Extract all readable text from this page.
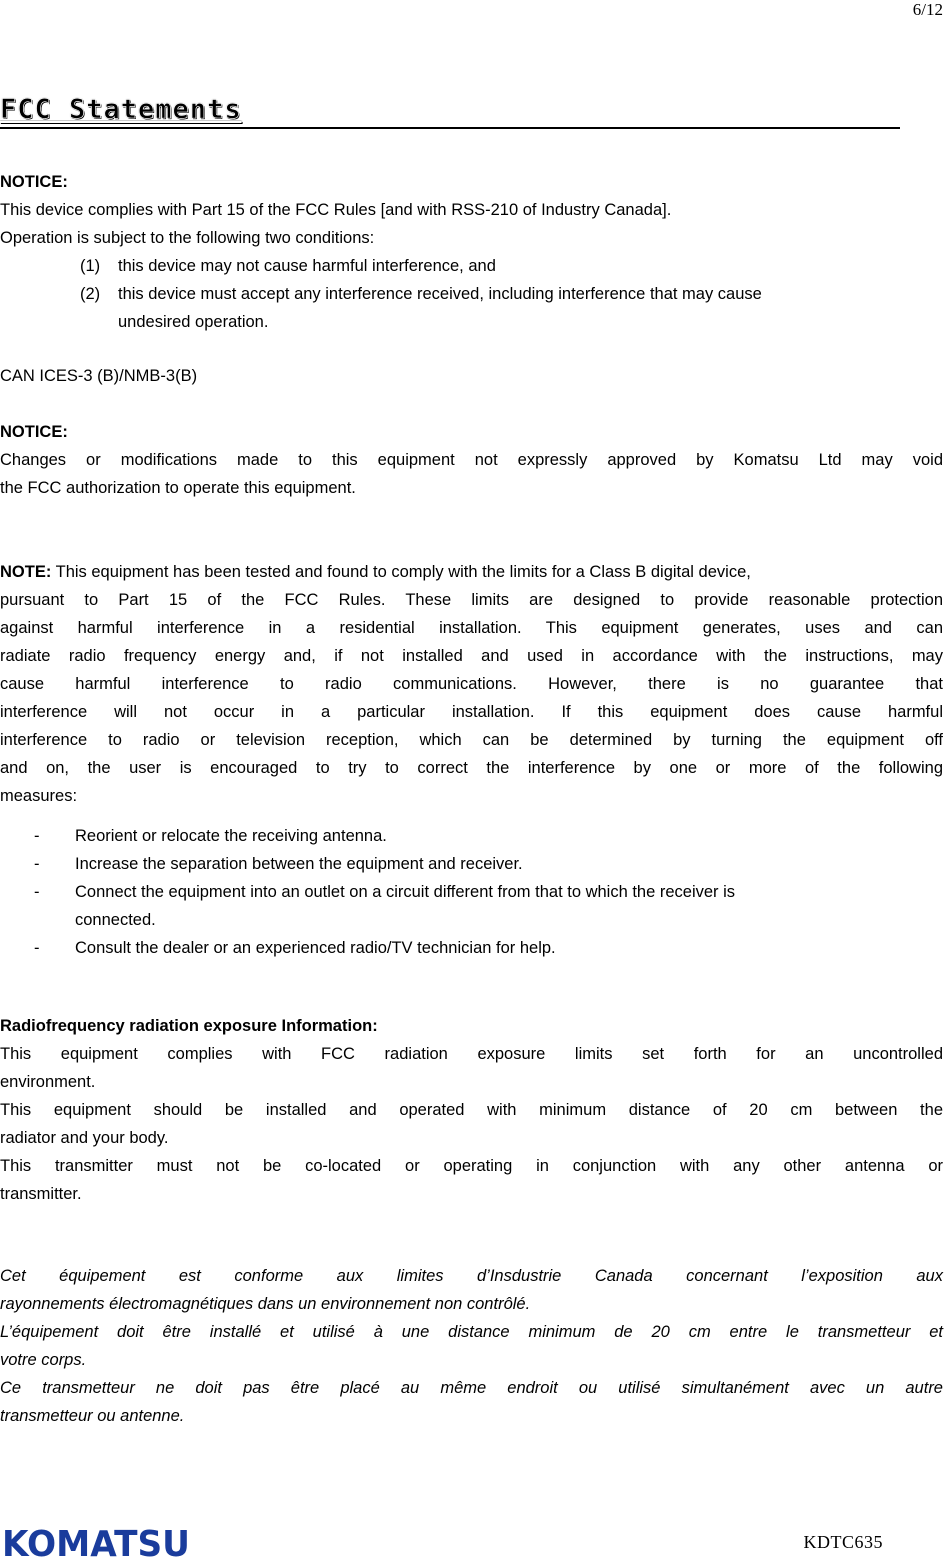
6/12
FCC Statements
NOTICE:
This device complies with Part 15 of the FCC Rules [and with RSS-210 of Industry Canada].
Operation is subject to the following two conditions:
(1) this device may not cause harmful interference, and
(2) this device must accept any interference received, including interference that may cause
undesired operation.
CAN ICES-3 (B)/NMB-3(B)
NOTICE:
Changes or modifications made to this equipment not expressly approved by Komatsu Ltd may void
the FCC authorization to operate this equipment.
NOTE: This equipment has been tested and found to comply with the limits for a Class B digital device,
pursuant to Part 15 of the FCC Rules. These limits are designed to provide reasonable protection
against harmful interference in a residential installation. This equipment generates, uses and can
radiate radio frequency energy and, if not installed and used in accordance with the instructions, may
cause harmful interference to radio communications. However, there is no guarantee that
interference will not occur in a particular installation. If this equipment does cause harmful
interference to radio or television reception, which can be determined by turning the equipment off
and on, the user is encouraged to try to correct the interference by one or more of the following
measures:
- Reorient or relocate the receiving antenna.
- Increase the separation between the equipment and receiver.
- Connect the equipment into an outlet on a circuit different from that to which the receiver is
connected.
- Consult the dealer or an experienced radio/TV technician for help.
Radiofrequency radiation exposure Information:
This equipment complies with FCC radiation exposure limits set forth for an uncontrolled
environment.
This equipment should be installed and operated with minimum distance of 20 cm between the
radiator and your body.
This transmitter must not be co-located or operating in conjunction with any other antenna or
transmitter.
Cet équipement est conforme aux limites d’Insdustrie Canada concernant l’exposition aux
rayonnements électromagnétiques dans un environnement non contrôlé.
L’équipement doit être installé et utilisé à une distance minimum de 20 cm entre le transmetteur et
votre corps.
Ce transmetteur ne doit pas être placé au même endroit ou utilisé simultanément avec un autre
transmetteur ou antenne.
KOMATSU	KDTC635
